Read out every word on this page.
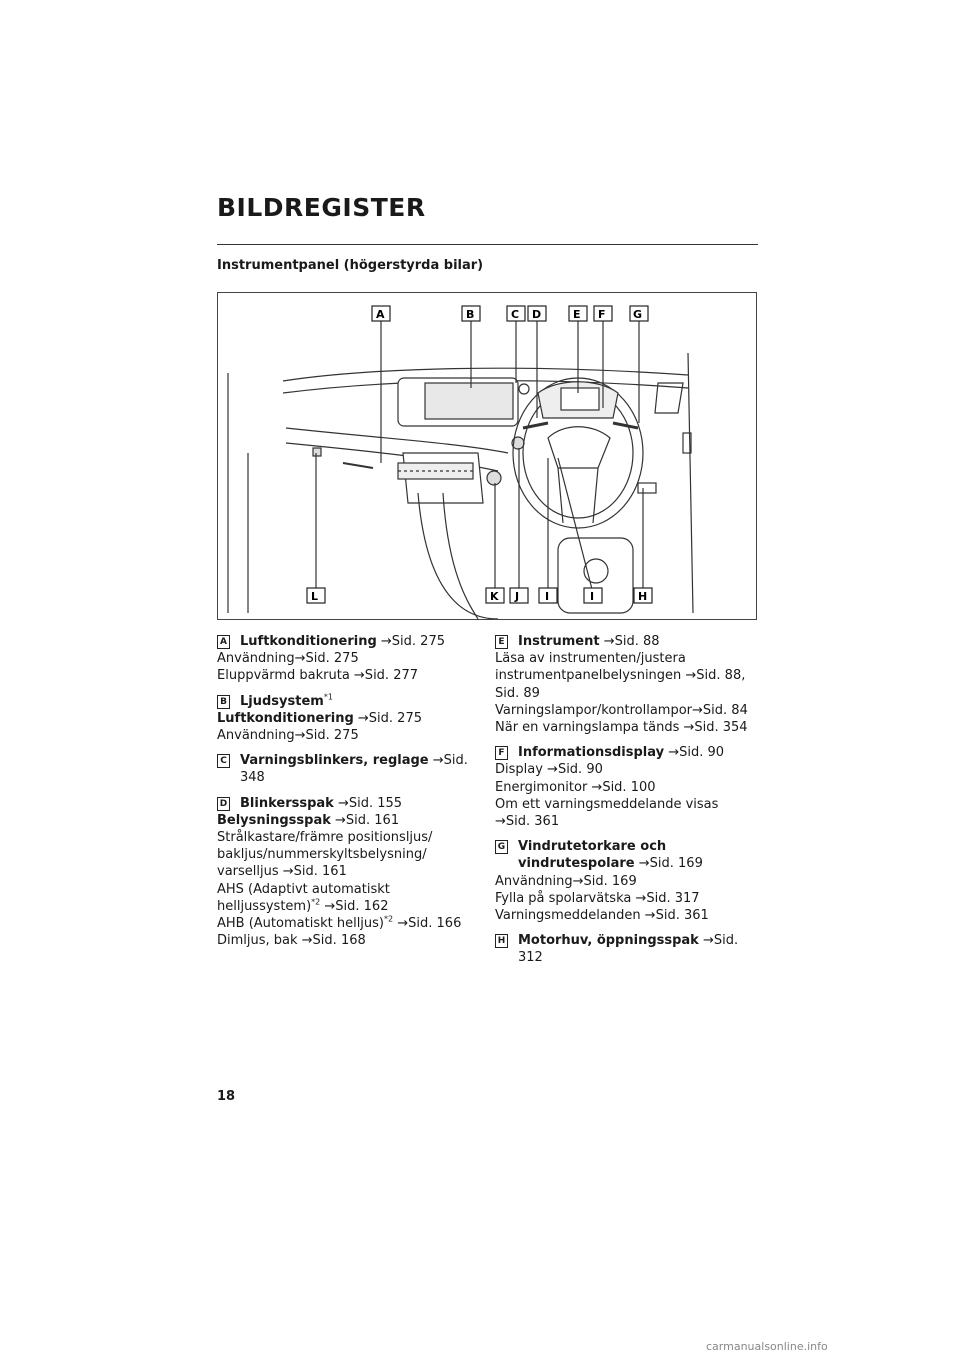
BILDREGISTER
Instrumentpanel (högerstyrda bilar)
A	B	C D	E F G
L	K J I	I	H
A Luftkonditionering →Sid. 275
Användning→Sid. 275
Eluppvärmd bakruta →Sid. 277
B Ljudsystem$^{*1}$
Luftkonditionering →Sid. 275
Användning→Sid. 275
C Varningsblinkers, reglage →Sid. 348
D Blinkersspak →Sid. 155
Belysningsspak →Sid. 161
Strålkastare/främre positionsljus/
bakljus/nummerskyltsbelysning/
varselljus →Sid. 161
AHS (Adaptivt automatiskt
helljussystem)$^{*2}$ →Sid. 162
AHB (Automatiskt helljus)$^{*2}$ →Sid. 166
Dimljus, bak →Sid. 168
E Instrument →Sid. 88
Läsa av instrumenten/justera
instrumentpanelbelysningen →Sid. 88,
Sid. 89
Varningslampor/kontrollampor→Sid. 84
När en varningslampa tänds →Sid. 354
F Informationsdisplay →Sid. 90
Display →Sid. 90
Energimonitor →Sid. 100
Om ett varningsmeddelande visas
→Sid. 361
G Vindrutetorkare och
vindrutespolare →Sid. 169
Användning→Sid. 169
Fylla på spolarvätska →Sid. 317
Varningsmeddelanden →Sid. 361
H Motorhuv, öppningsspak →Sid. 312
18
carmanualsonline.info
